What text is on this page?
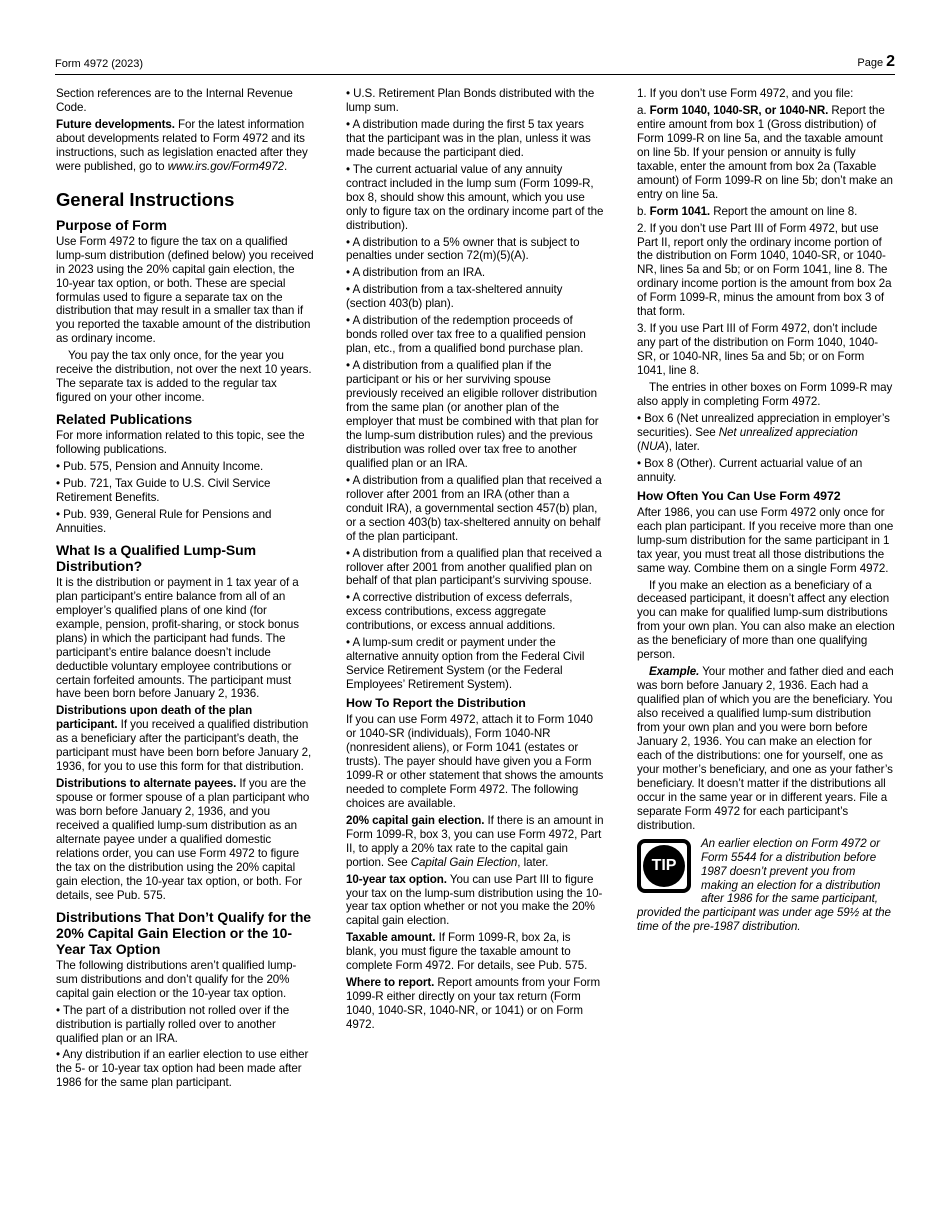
Form 4972 (2023)	Page 2

Section references are to the Internal Revenue Code.

Future developments. For the latest information about developments related to Form 4972 and its instructions, such as legislation enacted after they were published, go to www.irs.gov/Form4972.

General Instructions
Purpose of Form

Use Form 4972 to figure the tax on a qualified lump-sum distribution (defined below) you received in 2023 using the 20% capital gain election, the 10-year tax option, or both. These are special formulas used to figure a separate tax on the distribution that may result in a smaller tax than if you reported the taxable amount of the distribution as ordinary income.

You pay the tax only once, for the year you receive the distribution, not over the next 10 years. The separate tax is added to the regular tax figured on your other income.

Related Publications

For more information related to this topic, see the following publications.

• Pub. 575, Pension and Annuity Income.

• Pub. 721, Tax Guide to U.S. Civil Service Retirement Benefits.

• Pub. 939, General Rule for Pensions and Annuities.

What Is a Qualified Lump-Sum Distribution?

It is the distribution or payment in 1 tax year of a plan participant’s entire balance from all of an employer’s qualified plans of one kind (for example, pension, profit-sharing, or stock bonus plans) in which the participant had funds. The participant’s entire balance doesn’t include deductible voluntary employee contributions or certain forfeited amounts. The participant must have been born before January 2, 1936.

Distributions upon death of the plan participant. If you received a qualified distribution as a beneficiary after the participant’s death, the participant must have been born before January 2, 1936, for you to use this form for that distribution.

Distributions to alternate payees. If you are the spouse or former spouse of a plan participant who was born before January 2, 1936, and you received a qualified lump-sum distribution as an alternate payee under a qualified domestic relations order, you can use Form 4972 to figure the tax on the distribution using the 20% capital gain election, the 10-year tax option, or both. For details, see Pub. 575.

Distributions That Don’t Qualify for the 20% Capital Gain Election or the 10-Year Tax Option

The following distributions aren’t qualified lump-sum distributions and don’t qualify for the 20% capital gain election or the 10-year tax option.

• The part of a distribution not rolled over if the distribution is partially rolled over to another qualified plan or an IRA.

• Any distribution if an earlier election to use either the 5- or 10-year tax option had been made after 1986 for the same plan participant.

• U.S. Retirement Plan Bonds distributed with the lump sum.

• A distribution made during the first 5 tax years that the participant was in the plan, unless it was made because the participant died.

• The current actuarial value of any annuity contract included in the lump sum (Form 1099-R, box 8, should show this amount, which you use only to figure tax on the ordinary income part of the distribution).

• A distribution to a 5% owner that is subject to penalties under section 72(m)(5)(A).

• A distribution from an IRA.

• A distribution from a tax-sheltered annuity (section 403(b) plan).

• A distribution of the redemption proceeds of bonds rolled over tax free to a qualified pension plan, etc., from a qualified bond purchase plan.

• A distribution from a qualified plan if the participant or his or her surviving spouse previously received an eligible rollover distribution from the same plan (or another plan of the employer that must be combined with that plan for the lump-sum distribution rules) and the previous distribution was rolled over tax free to another qualified plan or an IRA.

• A distribution from a qualified plan that received a rollover after 2001 from an IRA (other than a conduit IRA), a governmental section 457(b) plan, or a section 403(b) tax-sheltered annuity on behalf of the plan participant.

• A distribution from a qualified plan that received a rollover after 2001 from another qualified plan on behalf of that plan participant’s surviving spouse.

• A corrective distribution of excess deferrals, excess contributions, excess aggregate contributions, or excess annual additions.

• A lump-sum credit or payment under the alternative annuity option from the Federal Civil Service Retirement System (or the Federal Employees’ Retirement System).

How To Report the Distribution

If you can use Form 4972, attach it to Form 1040 or 1040-SR (individuals), Form 1040-NR (nonresident aliens), or Form 1041 (estates or trusts). The payer should have given you a Form 1099-R or other statement that shows the amounts needed to complete Form 4972. The following choices are available.

20% capital gain election. If there is an amount in Form 1099-R, box 3, you can use Form 4972, Part II, to apply a 20% tax rate to the capital gain portion. See Capital Gain Election, later.

10-year tax option. You can use Part III to figure your tax on the lump-sum distribution using the 10-year tax option whether or not you make the 20% capital gain election.

Taxable amount. If Form 1099-R, box 2a, is blank, you must figure the taxable amount to complete Form 4972. For details, see Pub. 575.

Where to report. Report amounts from your Form 1099-R either directly on your tax return (Form 1040, 1040-SR, 1040-NR, or 1041) or on Form 4972.

1. If you don’t use Form 4972, and you file:

a. Form 1040, 1040-SR, or 1040-NR. Report the entire amount from box 1 (Gross distribution) of Form 1099-R on line 5a, and the taxable amount on line 5b. If your pension or annuity is fully taxable, enter the amount from box 2a (Taxable amount) of Form 1099-R on line 5b; don’t make an entry on line 5a.

b. Form 1041. Report the amount on line 8.

2. If you don’t use Part III of Form 4972, but use Part II, report only the ordinary income portion of the distribution on Form 1040, 1040-SR, or 1040-NR, lines 5a and 5b; or on Form 1041, line 8. The ordinary income portion is the amount from box 2a of Form 1099-R, minus the amount from box 3 of that form.

3. If you use Part III of Form 4972, don’t include any part of the distribution on Form 1040, 1040-SR, or 1040-NR, lines 5a and 5b; or on Form 1041, line 8.

The entries in other boxes on Form 1099-R may also apply in completing Form 4972.

• Box 6 (Net unrealized appreciation in employer’s securities). See Net unrealized appreciation (NUA), later.

• Box 8 (Other). Current actuarial value of an annuity.

How Often You Can Use Form 4972

After 1986, you can use Form 4972 only once for each plan participant. If you receive more than one lump-sum distribution for the same participant in 1 tax year, you must treat all those distributions the same way. Combine them on a single Form 4972.

If you make an election as a beneficiary of a deceased participant, it doesn’t affect any election you can make for qualified lump-sum distributions from your own plan. You can also make an election as the beneficiary of more than one qualifying person.

Example. Your mother and father died and each was born before January 2, 1936. Each had a qualified plan of which you are the beneficiary. You also received a qualified lump-sum distribution from your own plan and you were born before January 2, 1936. You can make an election for each of the distributions: one for yourself, one as your mother’s beneficiary, and one as your father’s beneficiary. It doesn’t matter if the distributions all occur in the same year or in different years. File a separate Form 4972 for each participant’s distribution.

TIP
An earlier election on Form 4972 or Form 5544 for a distribution before 1987 doesn’t prevent you from making an election for a distribution after 1986 for the same participant, provided the participant was under age 59½ at the time of the pre-1987 distribution.
